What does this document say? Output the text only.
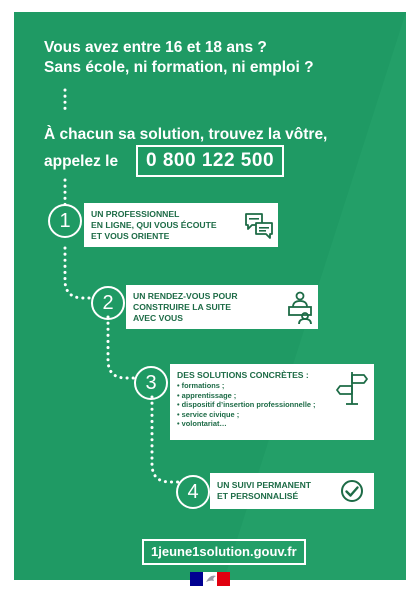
Vous avez entre 16 et 18 ans ?

Sans école, ni formation, ni emploi ?

À chacun sa solution, trouvez la vôtre,

appelez le	0 800 122 500
1	UN PROFESSIONNEL
EN LIGNE, QUI VOUS ÉCOUTE
ET VOUS ORIENTE
2	UN RENDEZ-VOUS POUR
CONSTRUIRE LA SUITE
AVEC VOUS
3	DES SOLUTIONS CONCRÈTES :
• formations ;
• apprentissage ;
• dispositif d’insertion professionnelle ;
• service civique ;
• volontariat…
4	UN SUIVI PERMANENT
ET PERSONNALISÉ
1jeune1solution.gouv.fr
